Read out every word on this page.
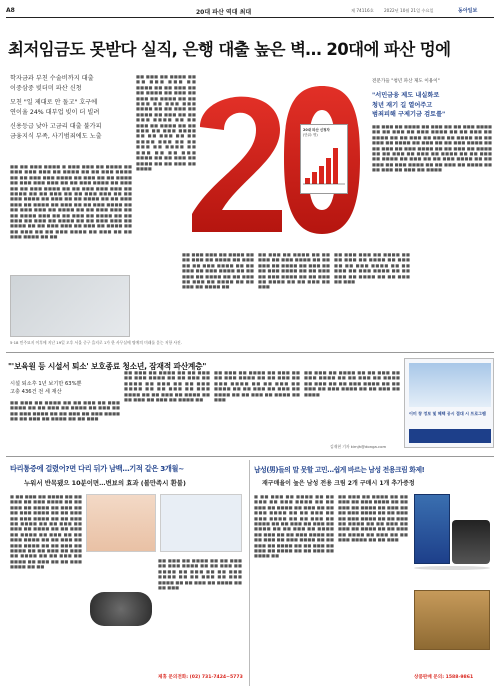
A8	20대 파산 역대 최대	제 74116호 2022년 10월 21일 수요일	동아일보
최저임금도 못받다 실직, 은행 대출 높은 벽… 20대에 파산 멍에
학자금과 부친 수술비까지 대출
이중삼중 빚더미 파산 신청
모친 "일 제대로 안 돌고" 호구에
연이율 24% 대부업 빚이 더 빌려
신용등급 낮아 고금리 대출 불가피
금융지식 부족, 사기범죄에도 노출
■■ ■■ ■■■ ■■■■ ■ ■■■ ■■■ ■■ ■■■■ ■■ ■■■ ■■■ ■■■ ■■ ■■■■ ■■ ■■ ■■■ ■■■■ ■■ ■■ ■■■ ■■■ ■■■■ ■■ ■■■ ■■ ■■ ■■■■ ■■ ■■■ ■■■ ■■■ ■■ ■■ ■■■ ■■■■ ■■ ■■■ ■■ ■■ ■■■ ■■■■ ■■ ■■ ■■■ ■■■ ■■■ ■■ ■■■■ ■■ ■■ ■■■ ■■ ■■ ■■■ ■■■ ■■ ■■ ■■■ ■■■■ ■■ ■■■ ■■ ■■ ■■■■ ■■ ■■ ■■■ ■■■ ■■ ■■■■ ■■ ■■■ ■■ ■■ ■■■ ■■■■ ■■ ■■ ■■■ ■■■ ■■ ■■■■ ■■ ■■ ■■■ ■■■ ■■ ■■ ■■■■ ■■■ ■■ ■■ ■■■ ■■ ■■■■ ■■ ■■ ■■■ ■■ ■■■ ■■ ■■■■ ■■ ■■ ■■■ ■■■ ■■ ■■■■ ■■ ■■ ■■■ ■■■ ■■ ■■■ ■■ ■■■■ ■■ ■■ ■■■ ■■ ■■ ■■■ ■■■■ ■■ ■■■ ■■ ■■ ■■■ ■■■■ ■■ ■■
5·18 민주묘지 이후에 지난 19일 오후 서울 중구 을지로 1가 한 사무실에 명예의 미래를 묻는 저항 사진.
■■ ■■■ ■■ ■■■■ ■■ ■■ ■■■ ■■■ ■■ ■■■■ ■■ ■■ ■■■ ■■ ■■ ■■■■ ■■ ■■■ ■■ ■■■ ■■ ■■■■ ■■ ■■ ■■■ ■■ ■■■ ■■■ ■■■■ ■■ ■■ ■■■ ■■ ■■■■ ■■ ■■■ ■■ ■■ ■■■ ■■■■ ■■ ■■ ■■■ ■■ ■■■■ ■■ ■■ ■■■ ■■ ■■■ ■■■■ ■■ ■■ ■■■ ■■ ■■ ■■■■ ■■■ ■■ ■■ ■■■ ■■ ■■■■ ■■ ■■■ ■■ ■■ ■■■ ■■■■ ■■ ■■ ■■■ ■■ ■■■■ ■■ ■■ ■■■ ■■ ■■■■
20대 파산 신청자
(단위: 명)
■■ ■■■ ■■■ ■■ ■■■■ ■■ ■■ ■■■ ■■ ■■■■ ■■ ■■■ ■■ ■■ ■■■ ■■■■ ■■ ■■ ■■■ ■■ ■■■ ■■■■ ■■ ■■ ■■■ ■■ ■■■■ ■■ ■■ ■■■ ■■ ■■■ ■■ ■■■■ ■■ ■■ ■■■ ■■ ■■■■ ■■
■■ ■■■ ■■ ■■■■ ■■ ■■ ■■■ ■■ ■■■ ■■■■ ■■ ■■ ■■■ ■■ ■■■■ ■■ ■■■ ■■ ■■ ■■■ ■■■■ ■■ ■■ ■■■ ■■ ■■■ ■■■■ ■■ ■■ ■■■ ■■ ■■■■ ■■ ■■ ■■■ ■■ ■■■
■■ ■■■ ■■■ ■■ ■■■■ ■■ ■■ ■■■ ■■ ■■■■ ■■ ■■■ ■■ ■■ ■■■ ■■■■ ■■ ■■ ■■■ ■■ ■■■ ■■■■ ■■ ■■ ■■■ ■■ ■■■■ ■■ ■■ ■■■ ■■ ■■■
전문가들 "청년 파산 제도 이용이"
"서민금융 제도 내실화로
청년 재기 길 열어주고
범죄피해 구제기금 검토를"
■■ ■■■ ■■ ■■■■ ■■ ■■■ ■■ ■■ ■■■ ■■■■ ■■ ■■ ■■■ ■■ ■■■ ■■■■ ■■ ■■ ■■■ ■■ ■■■■ ■■ ■■ ■■■ ■■ ■■■ ■■ ■■■■ ■■ ■■ ■■■ ■■ ■■■■ ■■ ■■■ ■■ ■■ ■■■ ■■■■ ■■ ■■ ■■■ ■■ ■■■ ■■■■ ■■ ■■ ■■■ ■■ ■■■■ ■■ ■■ ■■■ ■■ ■■■ ■■ ■■■■ ■■ ■■ ■■■ ■■ ■■■■ ■■ ■■■ ■■ ■■ ■■■ ■■■■ ■■ ■■ ■■■ ■■ ■■■ ■■■■ ■■ ■■ ■■■ ■■ ■■■■ ■■ ■■ ■■■ ■■ ■■■ ■■ ■■■■
"'보육원 등 시설서 퇴소' 보호종료 청소년, 잠재적 파산계층"
시설 퇴소후 1년 보기만 63%뿐
고충 436건 전 세 재산
■■ ■■■ ■■ ■■■■ ■■ ■■ ■■■ ■■ ■■■ ■■■■ ■■ ■■ ■■■ ■■ ■■■■ ■■ ■■■ ■■ ■■ ■■■ ■■■■ ■■ ■■ ■■■ ■■ ■■■ ■■■■ ■■ ■■ ■■■ ■■ ■■■■ ■■ ■■ ■■■
■■ ■■■ ■■ ■■■■ ■■ ■■ ■■■ ■■ ■■■ ■■■■ ■■ ■■ ■■■ ■■ ■■■■ ■■ ■■■ ■■ ■■ ■■■ ■■■■ ■■ ■■ ■■■ ■■ ■■■ ■■■■ ■■ ■■ ■■■ ■■ ■■■■ ■■ ■■ ■■■ ■■ ■■■ ■■ ■■■■ ■■
■■ ■■■ ■■ ■■■■ ■■ ■■■ ■■ ■■ ■■■ ■■■■ ■■ ■■ ■■■ ■■ ■■■ ■■■■ ■■ ■■ ■■■ ■■ ■■■■ ■■ ■■ ■■■ ■■ ■■■ ■■ ■■■■ ■■ ■■ ■■■ ■■ ■■■■ ■■ ■■■
■■ ■■■ ■■ ■■■■ ■■ ■■ ■■■ ■■ ■■■ ■■■■ ■■ ■■ ■■■ ■■ ■■■■ ■■ ■■■ ■■ ■■ ■■■ ■■■■ ■■ ■■ ■■■ ■■ ■■■ ■■■■ ■■ ■■ ■■■ ■■ ■■■■
김재현 기자 kimjh@donga.com
이미 창 정보 및 혜택 공시 접대 시 프로그램
타리통증에 걸렸어?면 다리 뒤가 남백…기적 같은 3개월~
누워서 반목됐으 10분이면…변뵤의 효과 (볼만족시 환불)
■ ■■ ■■■ ■■ ■■■■ ■■ ■■ ■■■ ■■ ■■■ ■■■■ ■■ ■■ ■■■ ■■ ■■■■ ■■ ■■■ ■■ ■■ ■■■ ■■■■ ■■ ■■ ■■■ ■■ ■■■ ■■■■ ■■ ■■ ■■■ ■■ ■■■■ ■■ ■■ ■■■ ■■ ■■■ ■■ ■■■■ ■■ ■■ ■■■ ■■ ■■■■ ■■ ■■■ ■■ ■■ ■■■ ■■■■ ■■ ■■ ■■■ ■■ ■■■ ■■■■ ■■ ■■ ■■■ ■■ ■■■■ ■■ ■■ ■■■ ■■ ■■■ ■■ ■■■■ ■■ ■■ ■■■ ■■ ■■■■ ■■ ■■■ ■■ ■■ ■■■ ■■■■ ■■ ■■
■■ ■■■ ■■ ■■■■ ■■ ■■ ■■■ ■■ ■■■ ■■■■ ■■ ■■ ■■■ ■■ ■■■■ ■■ ■■■ ■■ ■■ ■■■ ■■■■ ■■ ■■ ■■■ ■■ ■■■ ■■■■ ■■ ■■ ■■■ ■■ ■■■■ ■■ ■■ ■■■
제휴 문의전화: (02) 731-7424~5773
남성(男)들의 말 못할 고민…쉽게 바르는 남성 전용크림 화제!
재구매율이 높은 남성 전용 크림 2개 구매시 1개 추가증정
■ ■■ ■■■ ■■ ■■■■ ■■ ■■ ■■■ ■■ ■■■ ■■■■ ■■ ■■ ■■■ ■■ ■■■■ ■■ ■■■ ■■ ■■ ■■■ ■■■■ ■■ ■■ ■■■ ■■ ■■■ ■■■■ ■■ ■■ ■■■ ■■ ■■■■ ■■ ■■ ■■■ ■■ ■■■ ■■ ■■■■ ■■ ■■ ■■■ ■■ ■■■■ ■■ ■■■ ■■ ■■ ■■■ ■■■■ ■■ ■■ ■■■ ■■ ■■■ ■■■■ ■■ ■■ ■■■ ■■ ■■■■ ■■ ■■ ■■■ ■■ ■■■ ■■ ■■■■ ■■ ■■ ■■■ ■■ ■■■■ ■■
■■ ■■■ ■■ ■■■■ ■■ ■■ ■■■ ■■ ■■■ ■■■■ ■■ ■■ ■■■ ■■ ■■■■ ■■ ■■■ ■■ ■■ ■■■ ■■■■ ■■ ■■ ■■■ ■■ ■■■ ■■■■ ■■ ■■ ■■■ ■■ ■■■■ ■■ ■■ ■■■ ■■ ■■■ ■■ ■■■■ ■■ ■■ ■■■ ■■ ■■■■ ■■ ■■■ ■■ ■■ ■■■ ■■■■ ■■ ■■ ■■■
상품판매 문의: 1588-9861
